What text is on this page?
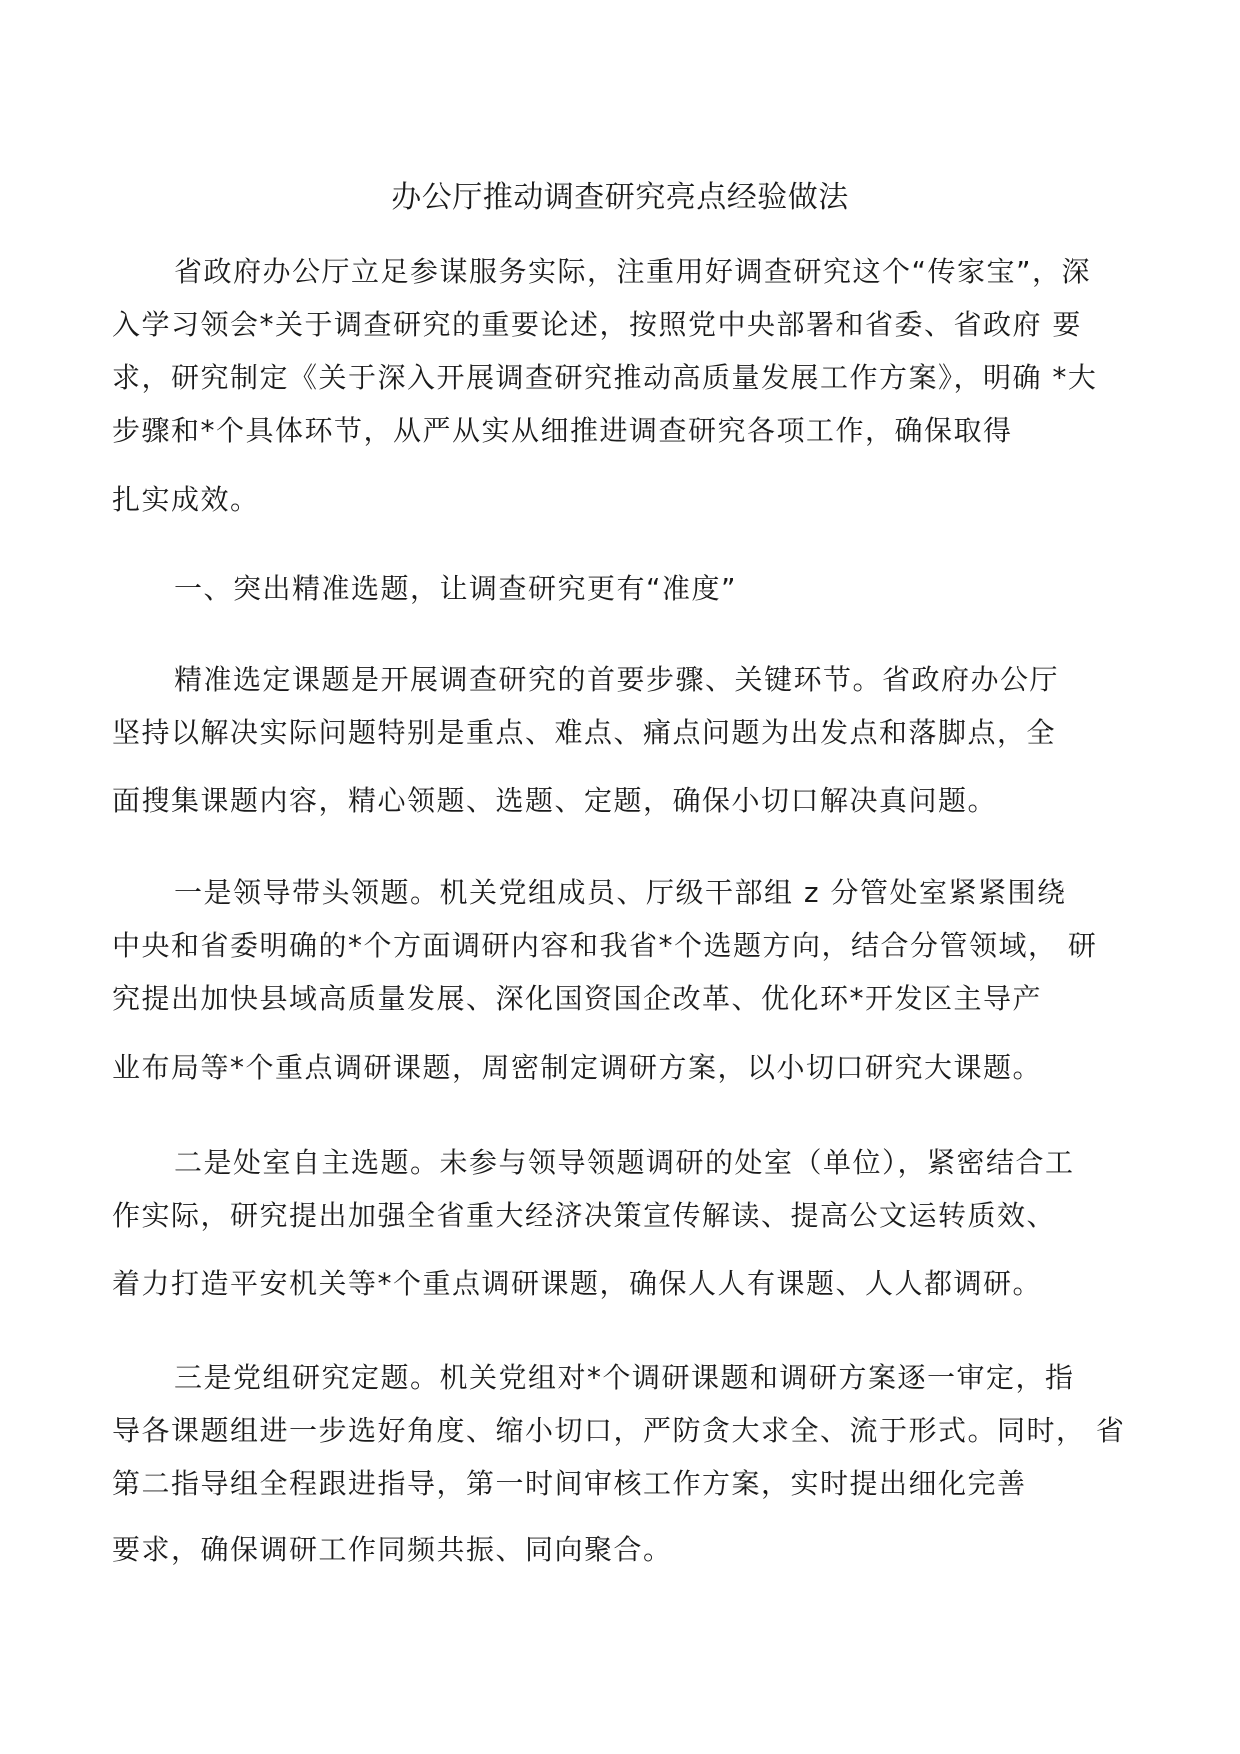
办公厅推动调查研究亮点经验做法

省政府办公厅立足参谋服务实际，注重用好调查研究这个“传家宝”，深

入学习领会*关于调查研究的重要论述，按照党中央部署和省委、省政府 要

求，研究制定《关于深入开展调查研究推动高质量发展工作方案》，明确 *大

步骤和*个具体环节，从严从实从细推进调查研究各项工作，确保取得

扎实成效。

一、突出精准选题，让调查研究更有“准度”

精准选定课题是开展调查研究的首要步骤、关键环节。省政府办公厅

坚持以解决实际问题特别是重点、难点、痛点问题为出发点和落脚点，全

面搜集课题内容，精心领题、选题、定题，确保小切口解决真问题。

一是领导带头领题。机关党组成员、厅级干部组 z 分管处室紧紧围绕

中央和省委明确的*个方面调研内容和我省*个选题方向，结合分管领域， 研

究提出加快县域高质量发展、深化国资国企改革、优化环*开发区主导产

业布局等*个重点调研课题，周密制定调研方案，以小切口研究大课题。

二是处室自主选题。未参与领导领题调研的处室（单位），紧密结合工

作实际，研究提出加强全省重大经济决策宣传解读、提高公文运转质效、

着力打造平安机关等*个重点调研课题，确保人人有课题、人人都调研。

三是党组研究定题。机关党组对*个调研课题和调研方案逐一审定，指

导各课题组进一步选好角度、缩小切口，严防贪大求全、流于形式。同时， 省

第二指导组全程跟进指导，第一时间审核工作方案，实时提出细化完善

要求，确保调研工作同频共振、同向聚合。
